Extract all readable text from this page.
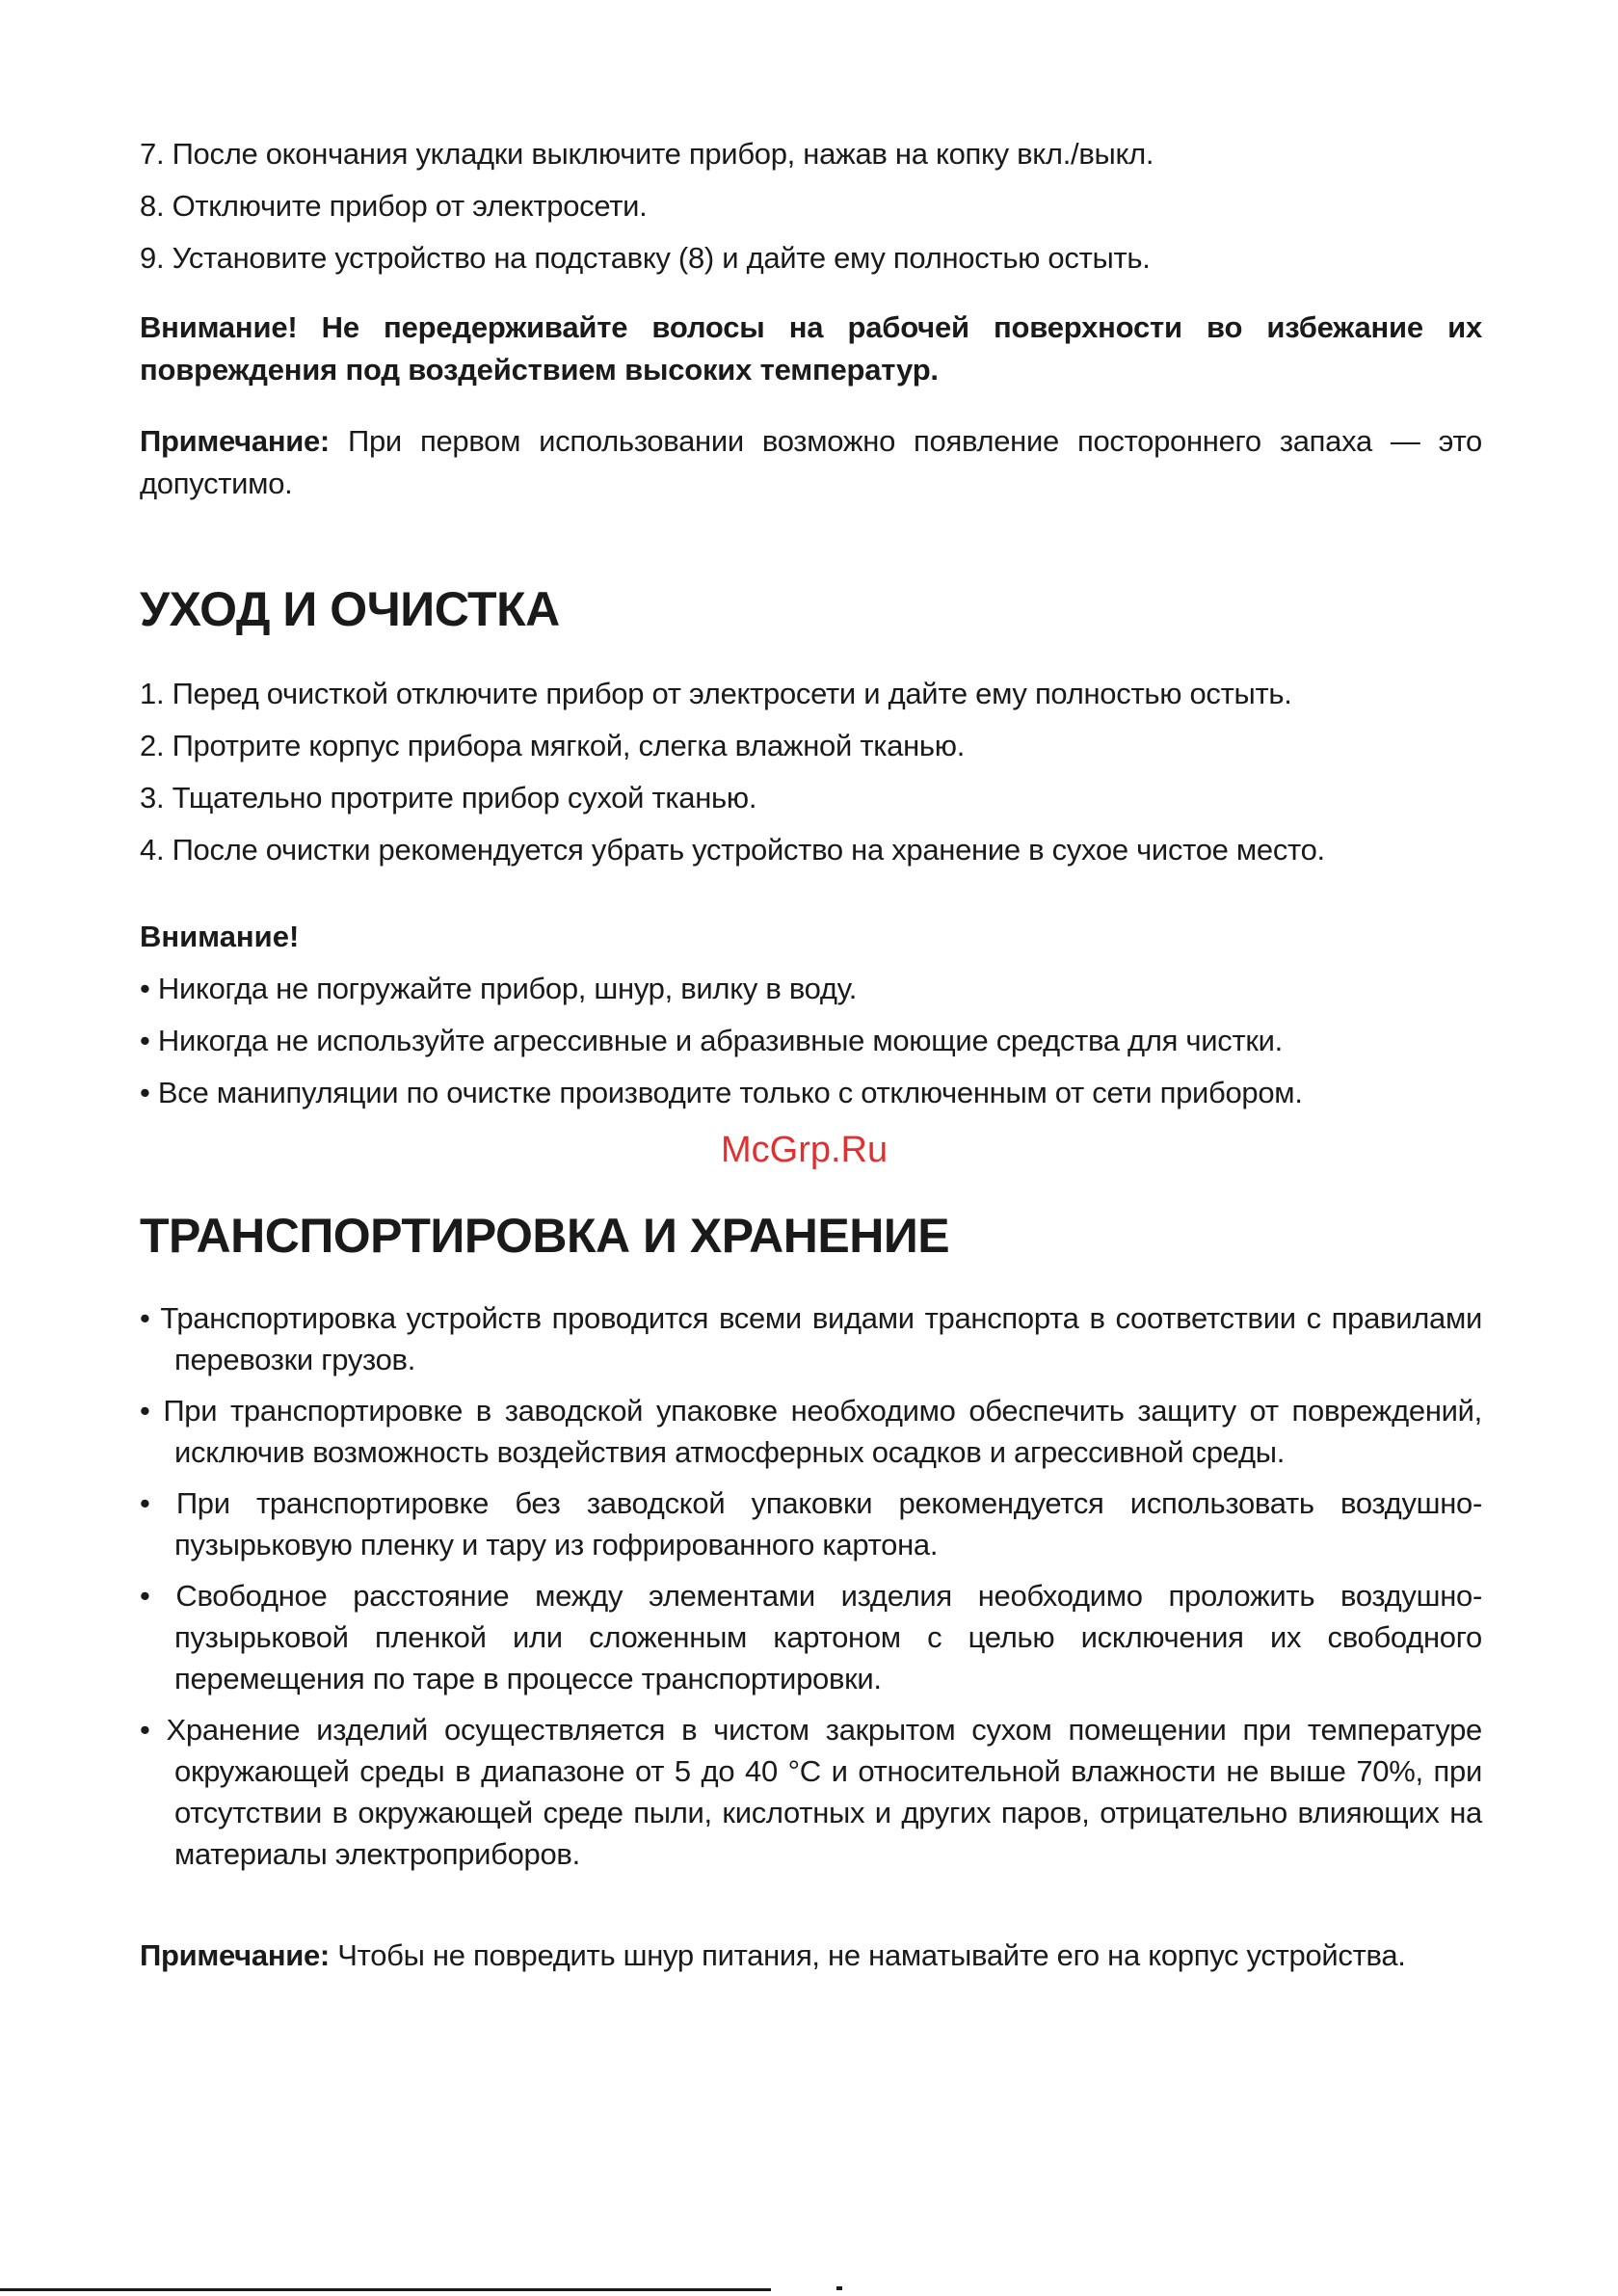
7. После окончания укладки выключите прибор, нажав на копку вкл./выкл.

8. Отключите прибор от электросети.

9. Установите устройство на подставку (8) и дайте ему полностью остыть.

Внимание! Не передерживайте волосы на рабочей поверхности во избежание их повреждения под воздействием высоких температур.

Примечание: При первом использовании возможно появление постороннего запаха — это допустимо.

УХОД И ОЧИСТКА

1. Перед очисткой отключите прибор от электросети и дайте ему полностью остыть.

2. Протрите корпус прибора мягкой, слегка влажной тканью.

3. Тщательно протрите прибор сухой тканью.

4. После очистки рекомендуется убрать устройство на хранение в сухое чистое место.

Внимание!

• Никогда не погружайте прибор, шнур, вилку в воду.

• Никогда не используйте агрессивные и абразивные моющие средства для чистки.

• Все манипуляции по очистке производите только с отключенным от сети прибором.

ТРАНСПОРТИРОВКА И ХРАНЕНИЕ

• Транспортировка устройств проводится всеми видами транспорта в соответствии с правилами перевозки грузов.

• При транспортировке в заводской упаковке необходимо обеспечить защиту от повреждений, исключив возможность воздействия атмосферных осадков и агрессивной среды.

• При транспортировке без заводской упаковки рекомендуется использовать воздушно-пузырьковую пленку и тару из гофрированного картона.

• Свободное расстояние между элементами изделия необходимо проложить воздушно-пузырьковой пленкой или сложенным картоном с целью исключения их свободного перемещения по таре в процессе транспортировки.

• Хранение изделий осуществляется в чистом закрытом сухом помещении при температуре окружающей среды в диапазоне от 5 до 40 °С и относительной влажности не выше 70%, при отсутствии в окружающей среде пыли, кислотных и других паров, отрицательно влияющих на материалы электроприборов.

Примечание: Чтобы не повредить шнур питания, не наматывайте его на корпус устройства.

McGrp.Ru
